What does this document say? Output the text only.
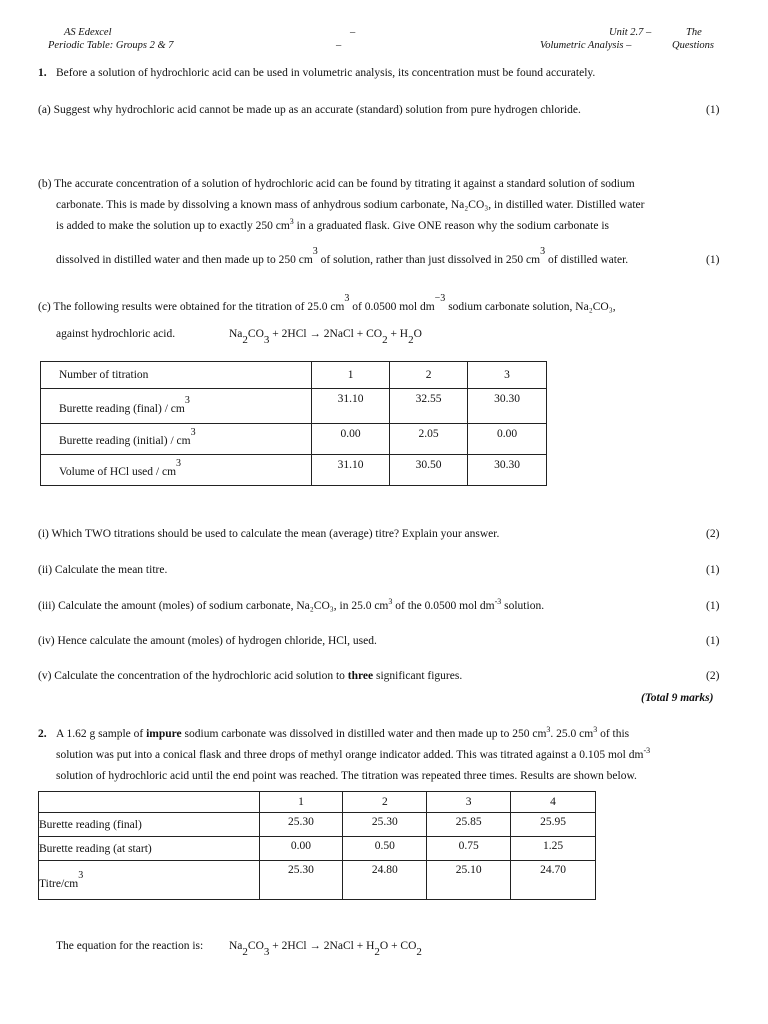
AS Edexcel
Periodic Table: Groups 2 & 7
–
–
Unit 2.7 –
Volumetric Analysis –
The
Questions
1. Before a solution of hydrochloric acid can be used in volumetric analysis, its concentration must be found accurately.
(a) Suggest why hydrochloric acid cannot be made up as an accurate (standard) solution from pure hydrogen chloride.	(1)
(b) The accurate concentration of a solution of hydrochloric acid can be found by titrating it against a standard solution of sodium
carbonate. This is made by dissolving a known mass of anhydrous sodium carbonate, Na₂CO₃, in distilled water. Distilled water
is added to make the solution up to exactly 250 $cm^3$ in a graduated flask. Give ONE reason why the sodium carbonate is
dissolved in distilled water and then made up to 250 cm3 of solution, rather than just dissolved in 250 cm3 of distilled water.	(1)
(c) The following results were obtained for the titration of 25.0 cm3 of 0.0500 mol dm−3 sodium carbonate solution, Na₂CO₃,
against hydrochloric acid.	Na2CO3 + 2HCl → 2NaCl + CO2 + H2O
Number of titration	1	2	3
Burette reading (final) / cm3	31.10	32.55	30.30
Burette reading (initial) / cm3	0.00	2.05	0.00
Volume of HCl used / cm3	31.10	30.50	30.30
(i) Which TWO titrations should be used to calculate the mean (average) titre? Explain your answer.	(2)
(ii) Calculate the mean titre.	(1)
(iii) Calculate the amount (moles) of sodium carbonate, Na₂CO₃, in 25.0 $cm^3$ of the 0.0500 mol $dm^{-3}$ solution.	(1)
(iv) Hence calculate the amount (moles) of hydrogen chloride, HCl, used.	(1)
(v) Calculate the concentration of the hydrochloric acid solution to three significant figures.	(2)
(Total 9 marks)
2. A 1.62 g sample of impure sodium carbonate was dissolved in distilled water and then made up to 250 $cm^3$. 25.0 $cm^3$ of this
solution was put into a conical flask and three drops of methyl orange indicator added. This was titrated against a 0.105 mol $dm^{-3}$
solution of hydrochloric acid until the end point was reached. The titration was repeated three times. Results are shown below.
	1	2	3	4
Burette reading (final)	25.30	25.30	25.85	25.95
Burette reading (at start)	0.00	0.50	0.75	1.25
Titre/cm3	25.30	24.80	25.10	24.70
The equation for the reaction is: Na2CO3 + 2HCl → 2NaCl + H2O + CO2
